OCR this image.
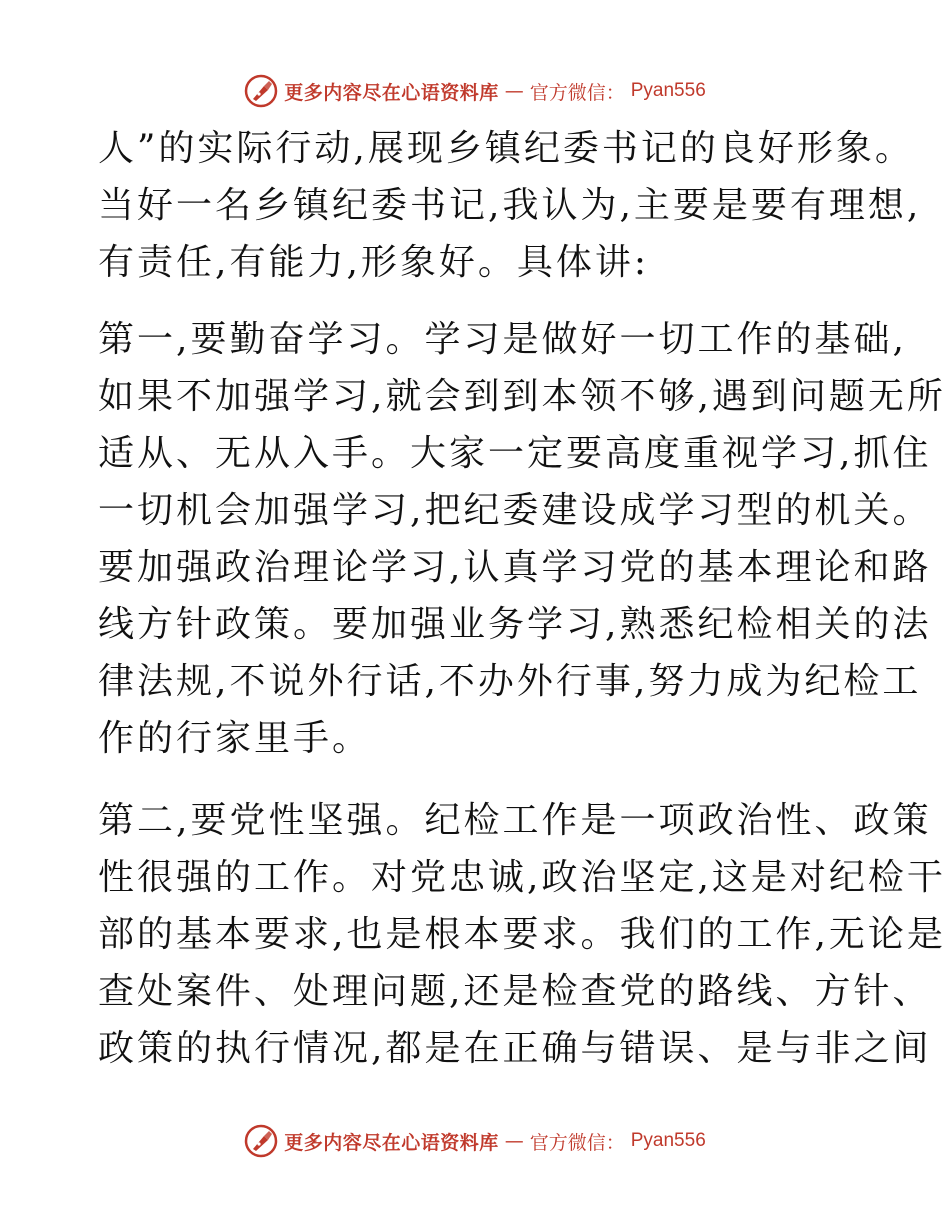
更多内容尽在心语资料库 — 官方微信： Pyan556
人”的实际行动,展现乡镇纪委书记的良好形象。
当好一名乡镇纪委书记,我认为,主要是要有理想,
有责任,有能力,形象好。具体讲:
第一,要勤奋学习。学习是做好一切工作的基础,
如果不加强学习,就会到到本领不够,遇到问题无所
适从、无从入手。大家一定要高度重视学习,抓住
一切机会加强学习,把纪委建设成学习型的机关。
要加强政治理论学习,认真学习党的基本理论和路
线方针政策。要加强业务学习,熟悉纪检相关的法
律法规,不说外行话,不办外行事,努力成为纪检工
作的行家里手。
第二,要党性坚强。纪检工作是一项政治性、政策
性很强的工作。对党忠诚,政治坚定,这是对纪检干
部的基本要求,也是根本要求。我们的工作,无论是
查处案件、处理问题,还是检查党的路线、方针、
政策的执行情况,都是在正确与错误、是与非之间
更多内容尽在心语资料库 — 官方微信： Pyan556
